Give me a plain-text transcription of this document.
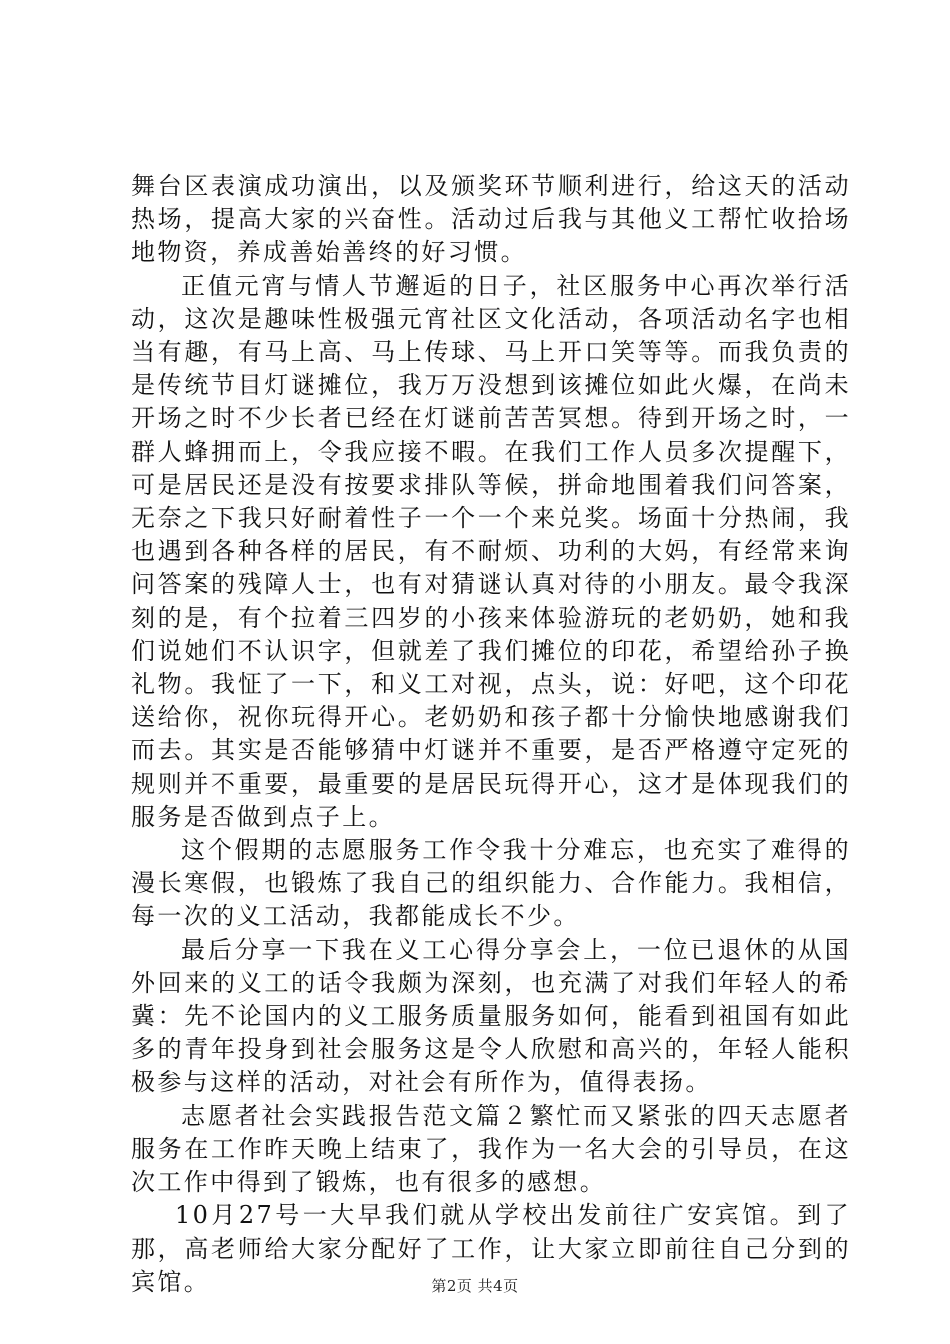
舞台区表演成功演出，以及颁奖环节顺利进行，给这天的活动热场，提高大家的兴奋性。活动过后我与其他义工帮忙收拾场地物资，养成善始善终的好习惯。

正值元宵与情人节邂逅的日子，社区服务中心再次举行活动，这次是趣味性极强元宵社区文化活动，各项活动名字也相当有趣，有马上高、马上传球、马上开口笑等等。而我负责的是传统节目灯谜摊位，我万万没想到该摊位如此火爆，在尚未开场之时不少长者已经在灯谜前苦苦冥想。待到开场之时，一群人蜂拥而上，令我应接不暇。在我们工作人员多次提醒下，可是居民还是没有按要求排队等候，拼命地围着我们问答案，无奈之下我只好耐着性子一个一个来兑奖。场面十分热闹，我也遇到各种各样的居民，有不耐烦、功利的大妈，有经常来询问答案的残障人士，也有对猜谜认真对待的小朋友。最令我深刻的是，有个拉着三四岁的小孩来体验游玩的老奶奶，她和我们说她们不认识字，但就差了我们摊位的印花，希望给孙子换礼物。我怔了一下，和义工对视，点头，说：好吧，这个印花送给你，祝你玩得开心。老奶奶和孩子都十分愉快地感谢我们而去。其实是否能够猜中灯谜并不重要，是否严格遵守定死的规则并不重要，最重要的是居民玩得开心，这才是体现我们的服务是否做到点子上。

这个假期的志愿服务工作令我十分难忘，也充实了难得的漫长寒假，也锻炼了我自己的组织能力、合作能力。我相信，每一次的义工活动，我都能成长不少。

最后分享一下我在义工心得分享会上，一位已退休的从国外回来的义工的话令我颇为深刻，也充满了对我们年轻人的希冀：先不论国内的义工服务质量服务如何，能看到祖国有如此多的青年投身到社会服务这是令人欣慰和高兴的，年轻人能积极参与这样的活动，对社会有所作为，值得表扬。

志愿者社会实践报告范文篇２繁忙而又紧张的四天志愿者服务在工作昨天晚上结束了，我作为一名大会的引导员，在这次工作中得到了锻炼，也有很多的感想。

10月27号一大早我们就从学校出发前往广安宾馆。到了那，高老师给大家分配好了工作，让大家立即前往自己分到的宾馆。	第2页 共4页
